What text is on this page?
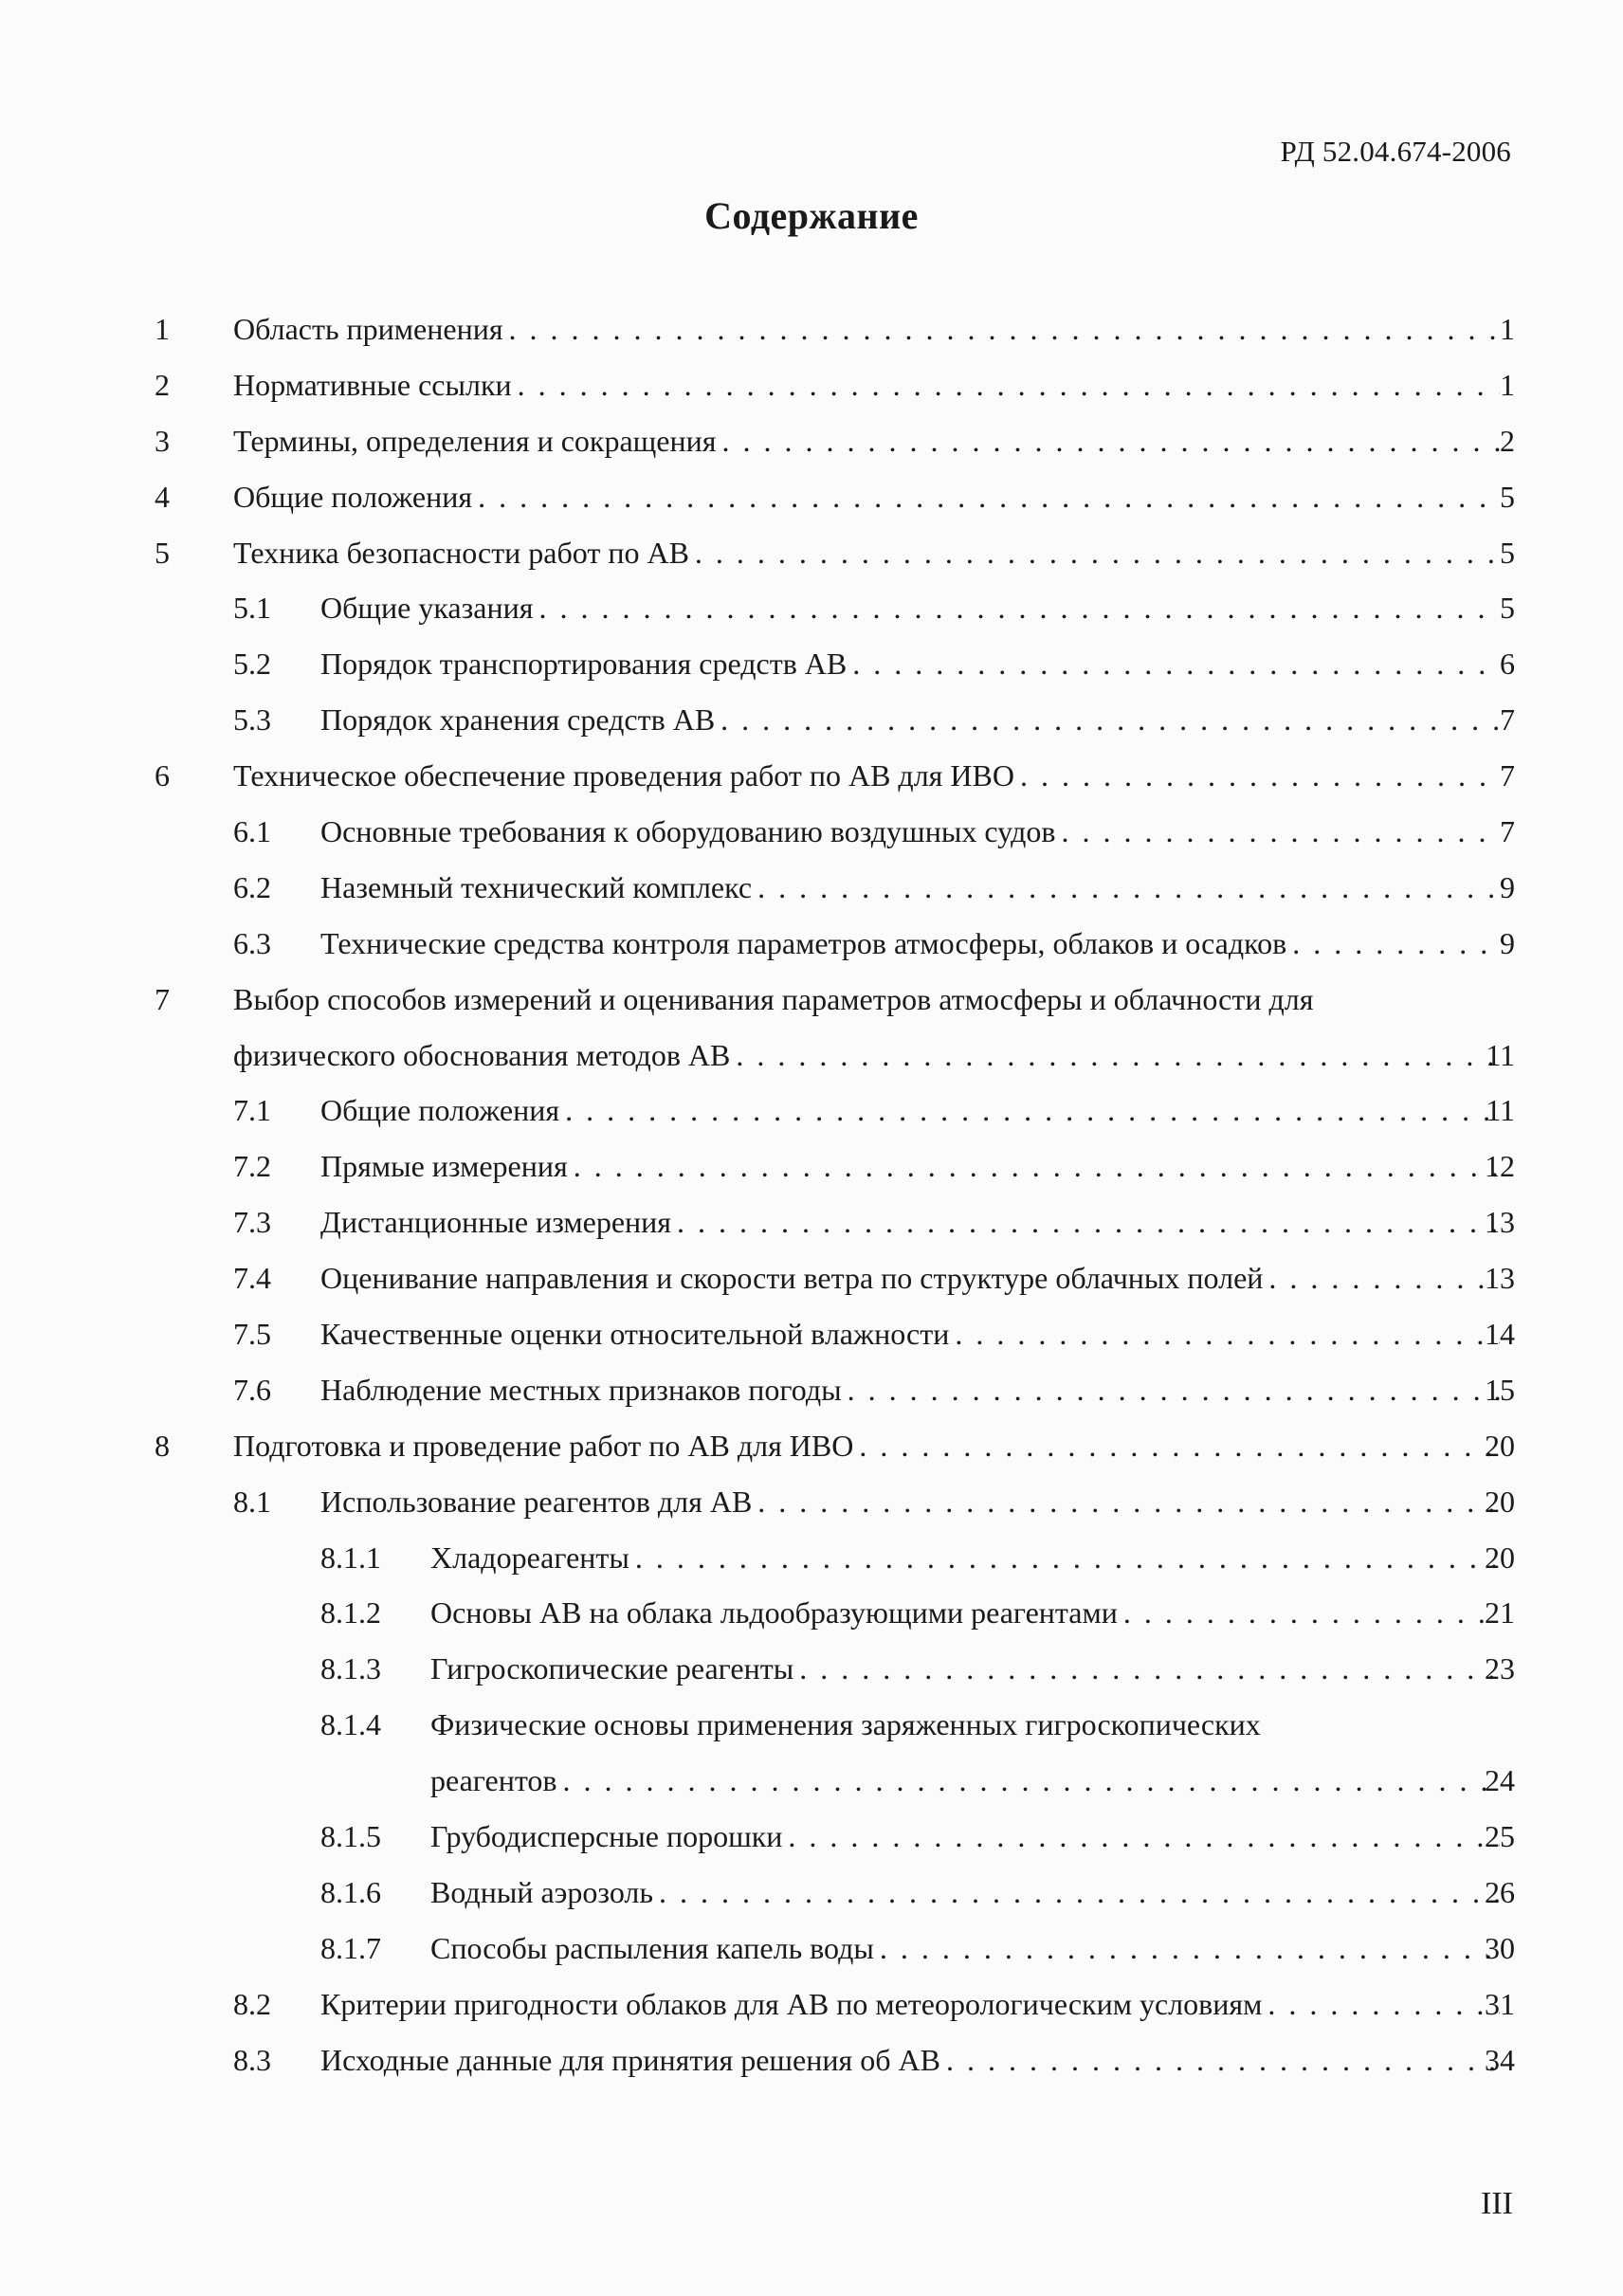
РД 52.04.674-2006
Содержание
1 Область применения . . .	1
2 Нормативные ссылки . . .	1
3 Термины, определения и сокращения . . .	2
4 Общие положения . . .	5
5 Техника безопасности работ по АВ . . .	5
5.1 Общие указания . . .	5
5.2 Порядок транспортирования средств АВ . . .	6
5.3 Порядок хранения средств АВ . . .	7
6 Техническое обеспечение проведения работ по АВ для ИВО . . .	7
6.1 Основные требования к оборудованию воздушных судов . . .	7
6.2 Наземный технический комплекс . . .	9
6.3 Технические средства контроля параметров атмосферы, облаков и осадков . . .	9
7 Выбор способов измерений и оценивания параметров атмосферы и облачности для
физического обоснования методов АВ . . .	11
7.1 Общие положения . . .	11
7.2 Прямые измерения . . .	12
7.3 Дистанционные измерения . . .	13
7.4 Оценивание направления и скорости ветра по структуре облачных полей . . .	13
7.5 Качественные оценки относительной влажности . . .	14
7.6 Наблюдение местных признаков погоды . . .	15
8 Подготовка и проведение работ по АВ для ИВО . . .	20
8.1 Использование реагентов для АВ . . .	20
8.1.1 Хладореагенты . . .	20
8.1.2 Основы АВ на облака льдообразующими реагентами . . .	21
8.1.3 Гигроскопические реагенты . . .	23
8.1.4 Физические основы применения заряженных гигроскопических
реагентов . . .	24
8.1.5 Грубодисперсные порошки . . .	25
8.1.6 Водный аэрозоль . . .	26
8.1.7 Способы распыления капель воды . . .	30
8.2 Критерии пригодности облаков для АВ по метеорологическим условиям . . .	31
8.3 Исходные данные для принятия решения об АВ . . .	34
III
